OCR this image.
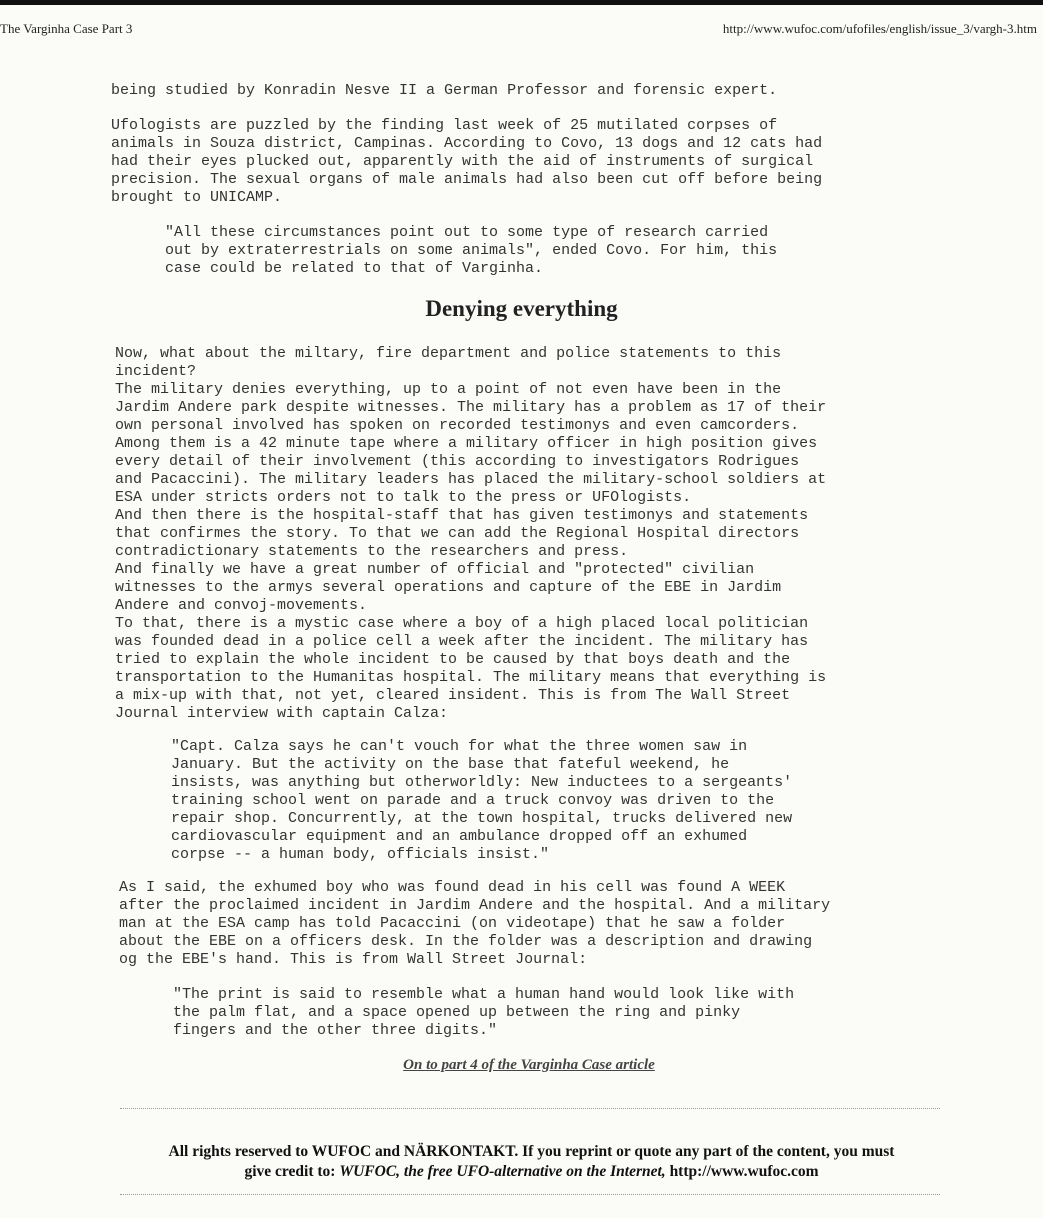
The Varginha Case Part 3	http://www.wufoc.com/ufofiles/english/issue_3/vargh-3.htm
being studied by Konradin Nesve II a German Professor and forensic expert.
Ufologists are puzzled by the finding last week of 25 mutilated corpses of
animals in Souza district, Campinas. According to Covo, 13 dogs and 12 cats had
had their eyes plucked out, apparently with the aid of instruments of surgical
precision. The sexual organs of male animals had also been cut off before being
brought to UNICAMP.
"All these circumstances point out to some type of research carried
out by extraterrestrials on some animals", ended Covo. For him, this
case could be related to that of Varginha.
Denying everything
Now, what about the miltary, fire department and police statements to this
incident?
The military denies everything, up to a point of not even have been in the
Jardim Andere park despite witnesses. The military has a problem as 17 of their
own personal involved has spoken on recorded testimonys and even camcorders.
Among them is a 42 minute tape where a military officer in high position gives
every detail of their involvement (this according to investigators Rodrigues
and Pacaccini). The military leaders has placed the military-school soldiers at
ESA under stricts orders not to talk to the press or UFOlogists.
And then there is the hospital-staff that has given testimonys and statements
that confirmes the story. To that we can add the Regional Hospital directors
contradictionary statements to the researchers and press.
And finally we have a great number of official and "protected" civilian
witnesses to the armys several operations and capture of the EBE in Jardim
Andere and convoj-movements.
To that, there is a mystic case where a boy of a high placed local politician
was founded dead in a police cell a week after the incident. The military has
tried to explain the whole incident to be caused by that boys death and the
transportation to the Humanitas hospital. The military means that everything is
a mix-up with that, not yet, cleared insident. This is from The Wall Street
Journal interview with captain Calza:
"Capt. Calza says he can't vouch for what the three women saw in
January. But the activity on the base that fateful weekend, he
insists, was anything but otherworldly: New inductees to a sergeants'
training school went on parade and a truck convoy was driven to the
repair shop. Concurrently, at the town hospital, trucks delivered new
cardiovascular equipment and an ambulance dropped off an exhumed
corpse -- a human body, officials insist."
As I said, the exhumed boy who was found dead in his cell was found A WEEK
after the proclaimed incident in Jardim Andere and the hospital. And a military
man at the ESA camp has told Pacaccini (on videotape) that he saw a folder
about the EBE on a officers desk. In the folder was a description and drawing
og the EBE's hand. This is from Wall Street Journal:
"The print is said to resemble what a human hand would look like with
the palm flat, and a space opened up between the ring and pinky
fingers and the other three digits."
On to part 4 of the Varginha Case article
All rights reserved to WUFOC and NÄRKONTAKT. If you reprint or quote any part of the content, you must
give credit to: WUFOC, the free UFO-alternative on the Internet, http://www.wufoc.com
